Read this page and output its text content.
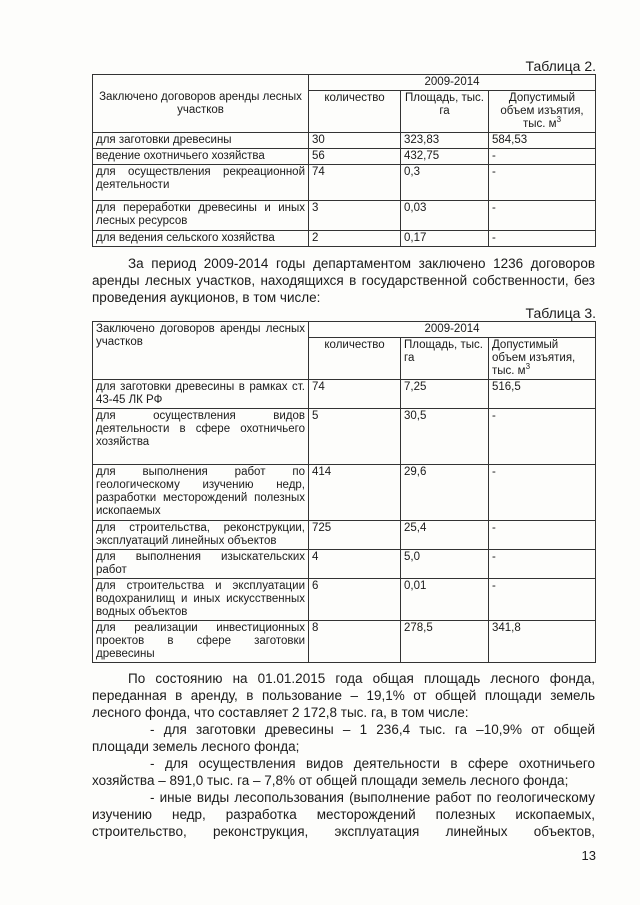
Таблица 2.
Заключено договоров аренды лесных участков	2009-2014		
	количество	Площадь, тыс. га	Допустимый объем изъятия, тыс. $м^3$
для заготовки древесины	30	323,83	584,53
ведение охотничьего хозяйства	56	432,75	-
для осуществления рекреационной деятельности	74	0,3	-
для переработки древесины и иных лесных ресурсов	3	0,03	-
для ведения сельского хозяйства	2	0,17	-
За период 2009-2014 годы департаментом заключено 1236 договоров аренды лесных участков, находящихся в государственной собственности, без проведения аукционов, в том числе:
Таблица 3.
Заключено договоров аренды лесных участков	2009-2014		
	количество	Площадь, тыс. га	Допустимый объем изъятия, тыс. $м^3$
для заготовки древесины в рамках ст. 43-45 ЛК РФ	74	7,25	516,5
для осуществления видов деятельности в сфере охотничьего хозяйства	5	30,5	-
для выполнения работ по геологическому изучению недр, разработки месторождений полезных ископаемых	414	29,6	-
для строительства, реконструкции, эксплуатаций линейных объектов	725	25,4	-
для выполнения изыскательских работ	4	5,0	-
для строительства и эксплуатации водохранилищ и иных искусственных водных объектов	6	0,01	-
для реализации инвестиционных проектов в сфере заготовки древесины	8	278,5	341,8
По состоянию на 01.01.2015 года общая площадь лесного фонда, переданная в аренду, в пользование – 19,1% от общей площади земель лесного фонда, что составляет 2 172,8 тыс. га, в том числе:
- для заготовки древесины – 1 236,4 тыс. га –10,9% от общей площади земель лесного фонда;
- для осуществления видов деятельности в сфере охотничьего хозяйства – 891,0 тыс. га – 7,8% от общей площади земель лесного фонда;
- иные виды лесопользования (выполнение работ по геологическому изучению недр, разработка месторождений полезных ископаемых, строительство, реконструкция, эксплуатация линейных объектов,
13
